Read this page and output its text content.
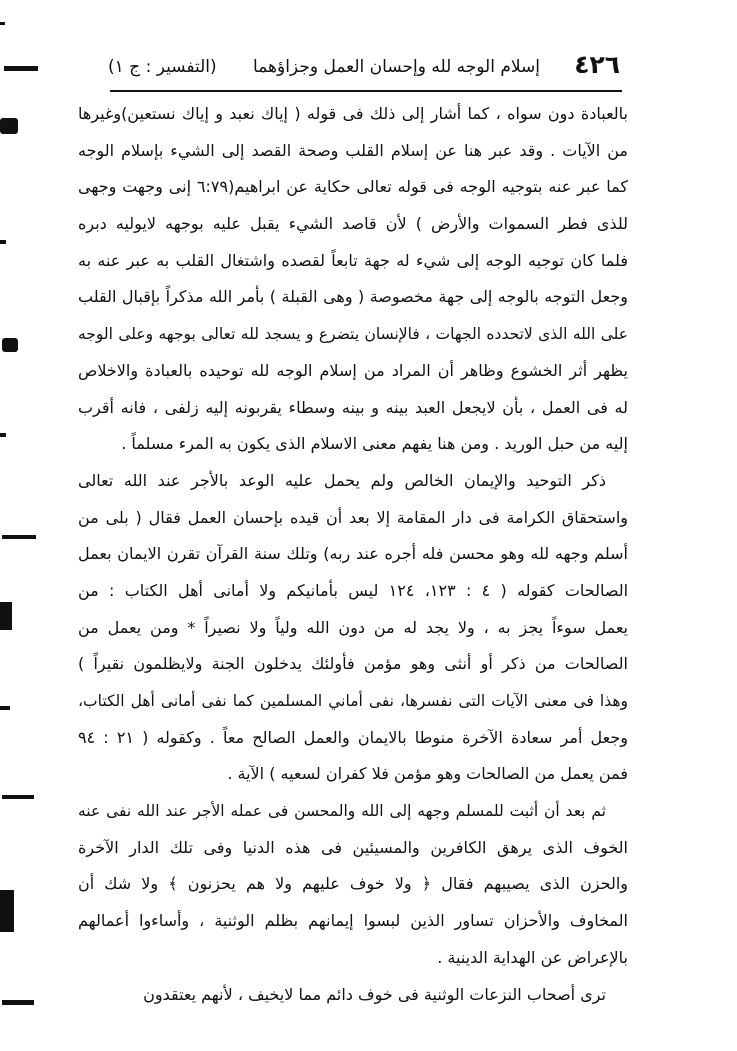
٤٢٦
إسلام الوجه لله وإحسان العمل وجزاؤهما
(التفسير : ج ١)
بالعبادة دون سواه ، كما أشار إلى ذلك فى قوله ( إياك نعبد و إياك نستعين)وغيرها
من الآيات . وقد عبر هنا عن إسلام القلب وصحة القصد إلى الشيء بإسلام الوجه
كما عبر عنه بتوجيه الوجه فى قوله تعالى حكاية عن ابراهيم(٦:٧٩ إنى وجهت وجهى
للذى فطر السموات والأرض ) لأن قاصد الشيء يقبل عليه بوجهه لايوليه دبره
فلما كان توجيه الوجه إلى شيء له جهة تابعاً لقصده واشتغال القلب به عبر عنه به
وجعل التوجه بالوجه إلى جهة مخصوصة ( وهى القبلة ) بأمر الله مذكراً بإقبال القلب
على الله الذى لاتحدده الجهات ، فالإنسان يتضرع و يسجد لله تعالى بوجهه وعلى الوجه
يظهر أثر الخشوع وظاهر أن المراد من إسلام الوجه لله توحيده بالعبادة والاخلاص
له فى العمل ، بأن لايجعل العبد بينه و بينه وسطاء يقربونه إليه زلفى ، فانه أقرب
إليه من حبل الوريد . ومن هنا يفهم معنى الاسلام الذى يكون به المرء مسلماً .
ذكر التوحيد والإيمان الخالص ولم يحمل عليه الوعد بالأجر عند الله تعالى
واستحقاق الكرامة فى دار المقامة إلا بعد أن قيده بإحسان العمل فقال ( بلى من
أسلم وجهه لله وهو محسن فله أجره عند ربه) وتلك سنة القرآن تقرن الايمان بعمل
الصالحات كقوله ( ٤ : ١٢٣، ١٢٤ ليس بأمانيكم ولا أمانى أهل الكتاب : من
يعمل سوءاً يجز به ، ولا يجد له من دون الله ولياً ولا نصيراً * ومن يعمل من
الصالحات من ذكر أو أنثى وهو مؤمن فأولئك يدخلون الجنة ولايظلمون نقيراً )
وهذا فى معنى الآيات التى نفسرها، نفى أماني المسلمين كما نفى أمانى أهل الكتاب،
وجعل أمر سعادة الآخرة منوطا بالايمان والعمل الصالح معاً . وكقوله ( ٢١ : ٩٤
فمن يعمل من الصالحات وهو مؤمن فلا كفران لسعيه ) الآية .
ثم بعد أن أثبت للمسلم وجهه إلى الله والمحسن فى عمله الأجر عند الله نفى عنه
الخوف الذى يرهق الكافرين والمسيئين فى هذه الدنيا وفى تلك الدار الآخرة
والحزن الذى يصيبهم فقال ﴿ ولا خوف عليهم ولا هم يحزنون ﴾ ولا شك أن
المخاوف والأحزان تساور الذين لبسوا إيمانهم بظلم الوثنية ، وأساءوا أعمالهم
بالإعراض عن الهداية الدينية .
ترى أصحاب النزعات الوثنية فى خوف دائم مما لايخيف ، لأنهم يعتقدون
